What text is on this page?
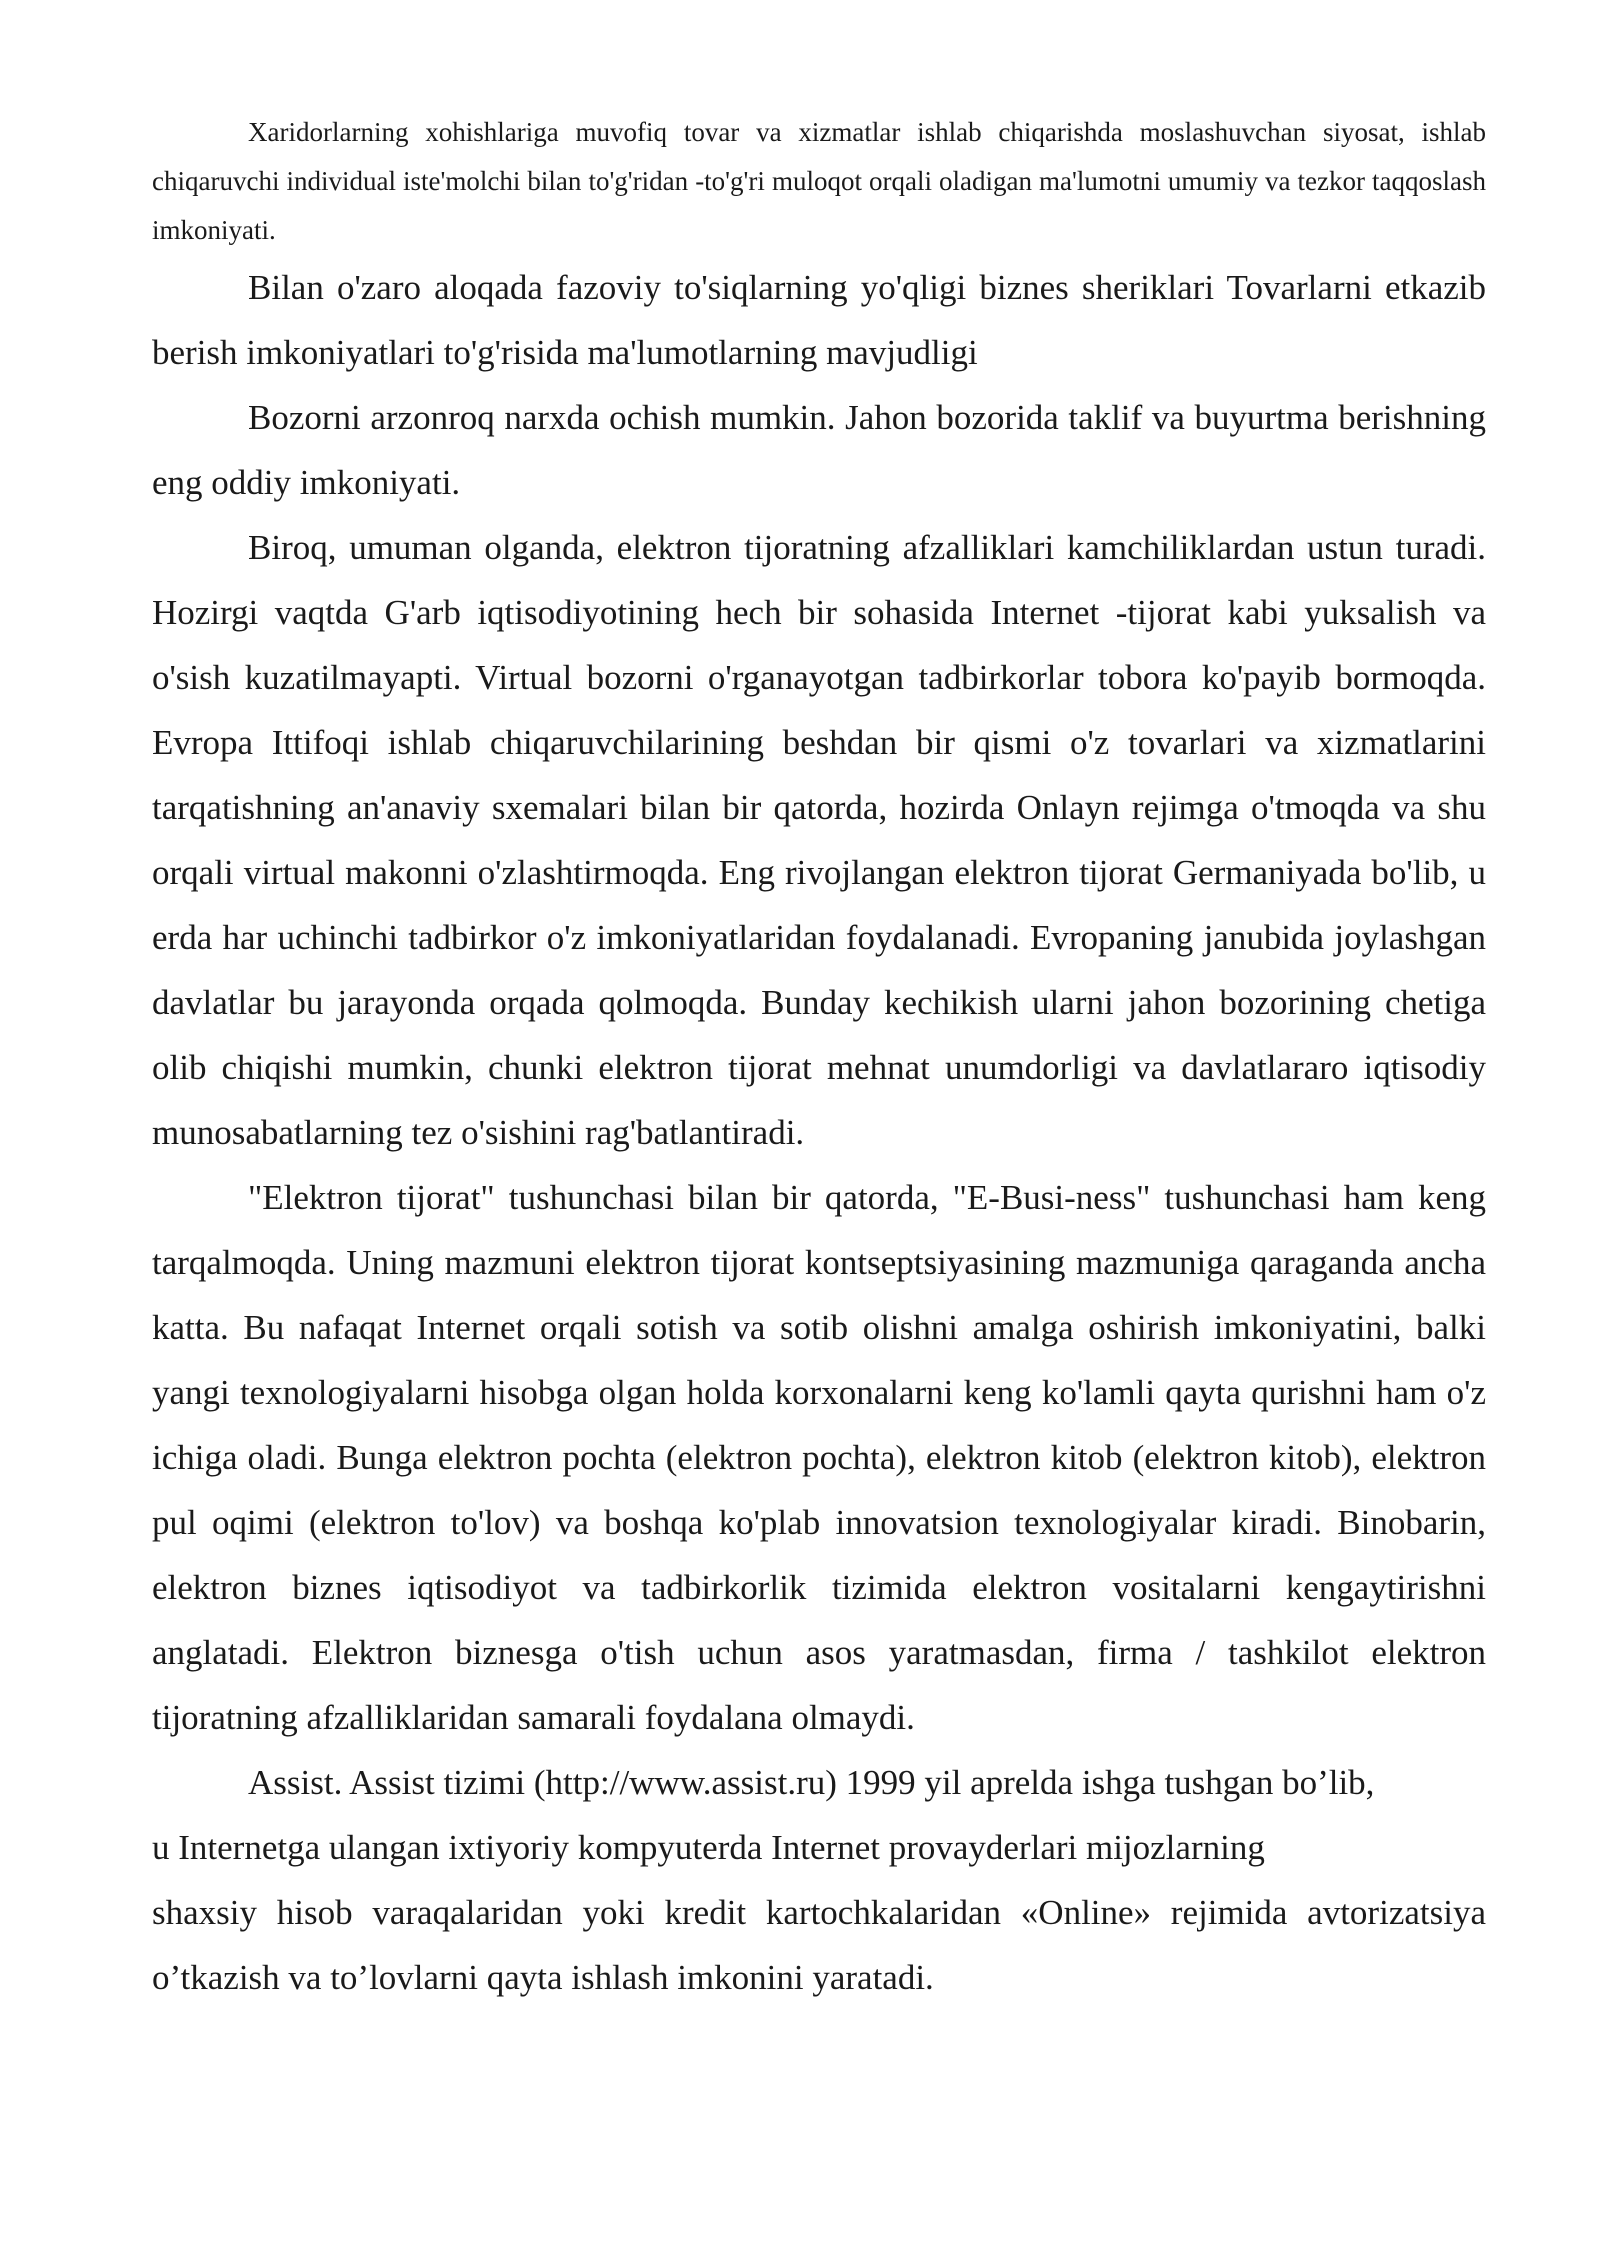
Xaridorlarning xohishlariga muvofiq tovar va xizmatlar ishlab chiqarishda moslashuvchan siyosat, ishlab chiqaruvchi individual iste'molchi bilan to'g'ridan -to'g'ri muloqot orqali oladigan ma'lumotni umumiy va tezkor taqqoslash imkoniyati.

Bilan o'zaro aloqada fazoviy to'siqlarning yo'qligi biznes sheriklari Tovarlarni etkazib berish imkoniyatlari to'g'risida ma'lumotlarning mavjudligi

Bozorni arzonroq narxda ochish mumkin. Jahon bozorida taklif va buyurtma berishning eng oddiy imkoniyati.

Biroq, umuman olganda, elektron tijoratning afzalliklari kamchiliklardan ustun turadi. Hozirgi vaqtda G'arb iqtisodiyotining hech bir sohasida Internet -tijorat kabi yuksalish va o'sish kuzatilmayapti. Virtual bozorni o'rganayotgan tadbirkorlar tobora ko'payib bormoqda. Evropa Ittifoqi ishlab chiqaruvchilarining beshdan bir qismi o'z tovarlari va xizmatlarini tarqatishning an'anaviy sxemalari bilan bir qatorda, hozirda Onlayn rejimga o'tmoqda va shu orqali virtual makonni o'zlashtirmoqda. Eng rivojlangan elektron tijorat Germaniyada bo'lib, u erda har uchinchi tadbirkor o'z imkoniyatlaridan foydalanadi. Evropaning janubida joylashgan davlatlar bu jarayonda orqada qolmoqda. Bunday kechikish ularni jahon bozorining chetiga olib chiqishi mumkin, chunki elektron tijorat mehnat unumdorligi va davlatlararo iqtisodiy munosabatlarning tez o'sishini rag'batlantiradi.

"Elektron tijorat" tushunchasi bilan bir qatorda, "E-Busi-ness" tushunchasi ham keng tarqalmoqda. Uning mazmuni elektron tijorat kontseptsiyasining mazmuniga qaraganda ancha katta. Bu nafaqat Internet orqali sotish va sotib olishni amalga oshirish imkoniyatini, balki yangi texnologiyalarni hisobga olgan holda korxonalarni keng ko'lamli qayta qurishni ham o'z ichiga oladi. Bunga elektron pochta (elektron pochta), elektron kitob (elektron kitob), elektron pul oqimi (elektron to'lov) va boshqa ko'plab innovatsion texnologiyalar kiradi. Binobarin, elektron biznes iqtisodiyot va tadbirkorlik tizimida elektron vositalarni kengaytirishni anglatadi. Elektron biznesga o'tish uchun asos yaratmasdan, firma / tashkilot elektron tijoratning afzalliklaridan samarali foydalana olmaydi.

Assist. Assist tizimi (http://www.assist.ru) 1999 yil aprelda ishga tushgan bo’lib,

u Internetga ulangan ixtiyoriy kompyuterda Internet provayderlari mijozlarning

shaxsiy hisob varaqalaridan yoki kredit kartochkalaridan «Online» rejimida avtorizatsiya o’tkazish va to’lovlarni qayta ishlash imkonini yaratadi.
